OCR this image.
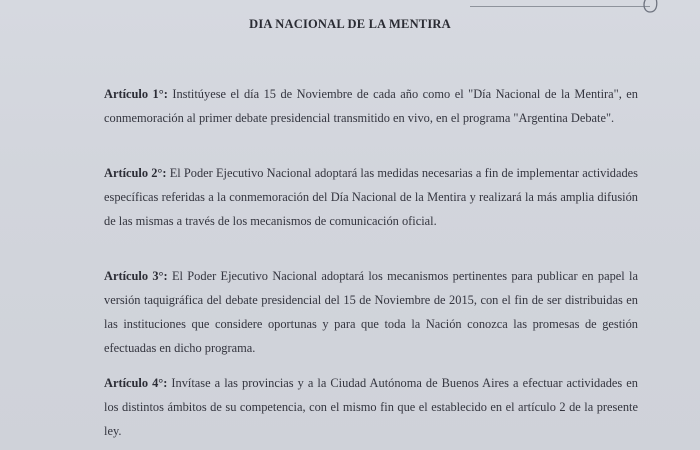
DIA NACIONAL DE LA MENTIRA
Artículo 1°: Institúyese el día 15 de Noviembre de cada año como el "Día Nacional de la Mentira", en conmemoración al primer debate presidencial transmitido en vivo, en el programa "Argentina Debate".
Artículo 2°: El Poder Ejecutivo Nacional adoptará las medidas necesarias a fin de implementar actividades específicas referidas a la conmemoración del Día Nacional de la Mentira y realizará la más amplia difusión de las mismas a través de los mecanismos de comunicación oficial.
Artículo 3°: El Poder Ejecutivo Nacional adoptará los mecanismos pertinentes para publicar en papel la versión taquigráfica del debate presidencial del 15 de Noviembre de 2015, con el fin de ser distribuidas en las instituciones que considere oportunas y para que toda la Nación conozca las promesas de gestión efectuadas en dicho programa.
Artículo 4°: Invítase a las provincias y a la Ciudad Autónoma de Buenos Aires a efectuar actividades en los distintos ámbitos de su competencia, con el mismo fin que el establecido en el artículo 2 de la presente ley.
